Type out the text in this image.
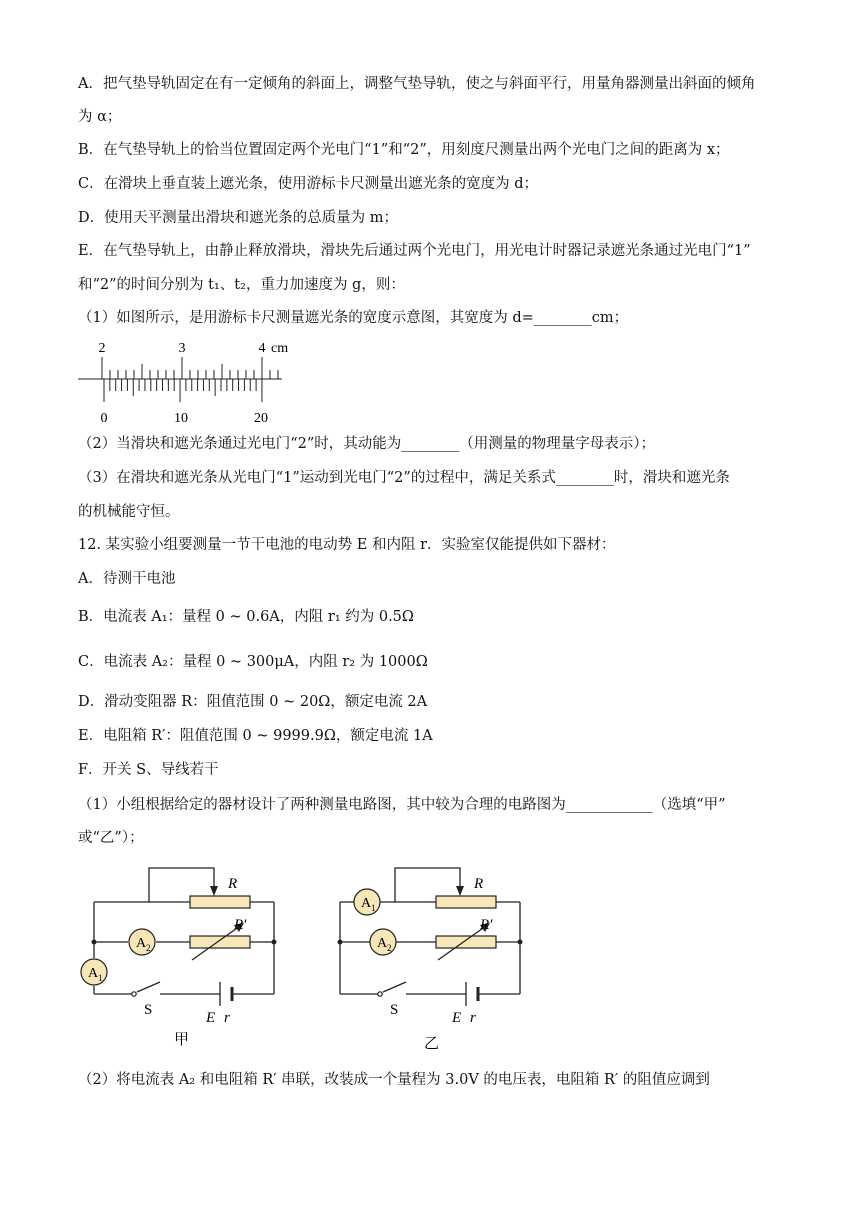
A．把气垫导轨固定在有一定倾角的斜面上，调整气垫导轨，使之与斜面平行，用量角器测量出斜面的倾角
为 α；
B．在气垫导轨上的恰当位置固定两个光电门“1”和“2”，用刻度尺测量出两个光电门之间的距离为 x；
C．在滑块上垂直装上遮光条，使用游标卡尺测量出遮光条的宽度为 d；
D．使用天平测量出滑块和遮光条的总质量为 m；
E．在气垫导轨上，由静止释放滑块，滑块先后通过两个光电门，用光电计时器记录遮光条通过光电门“1”
和“2”的时间分别为 t₁、t₂，重力加速度为 g，则：
（1）如图所示，是用游标卡尺测量遮光条的宽度示意图，其宽度为 d=________cm；
2	3	4 cm
0	10	20
（2）当滑块和遮光条通过光电门“2”时，其动能为________（用测量的物理量字母表示）；
（3）在滑块和遮光条从光电门“1”运动到光电门“2”的过程中，满足关系式________时，滑块和遮光条
的机械能守恒。
12. 某实验小组要测量一节干电池的电动势 E 和内阻 r．实验室仅能提供如下器材：
A．待测干电池
B．电流表 A₁：量程 0 ~ 0.6A，内阻 r₁ 约为 0.5Ω
C．电流表 A₂：量程 0 ~ 300μA，内阻 r₂ 为 1000Ω
D．滑动变阻器 R：阻值范围 0 ~ 20Ω，额定电流 2A
E．电阻箱 R′：阻值范围 0 ~ 9999.9Ω，额定电流 1A
F．开关 S、导线若干
（1）小组根据给定的器材设计了两种测量电路图，其中较为合理的电路图为____________（选填“甲”
或“乙”）；
A 2
A 1
R
R′
S	E r
甲
A 1
A 2
R
R′
S	E r
乙
（2）将电流表 A₂ 和电阻箱 R′ 串联，改装成一个量程为 3.0V 的电压表，电阻箱 R′ 的阻值应调到
